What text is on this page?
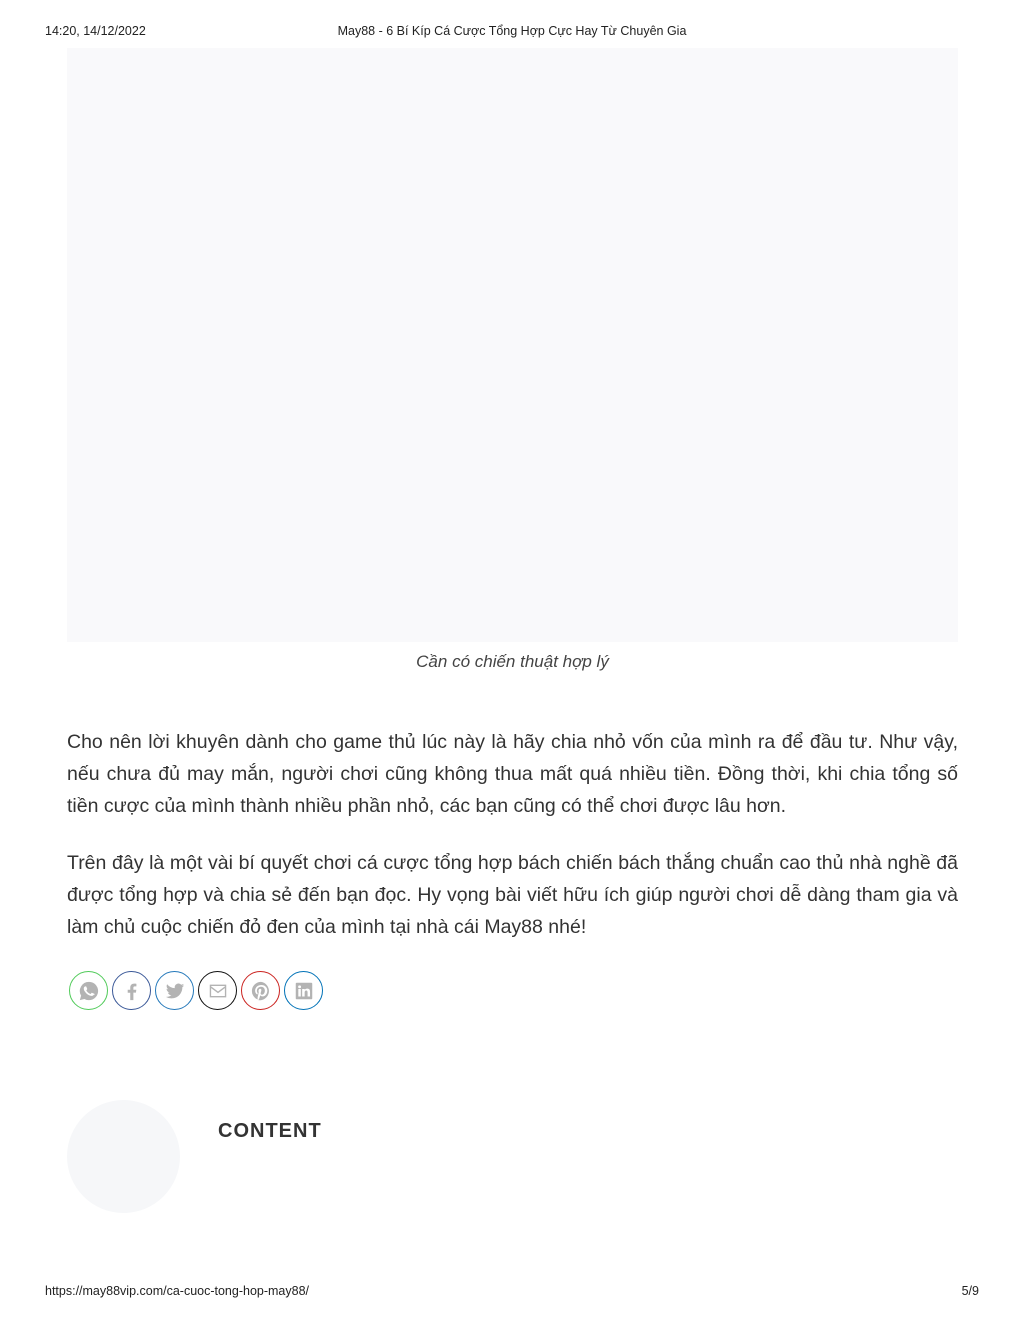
14:20, 14/12/2022	May88 - 6 Bí Kíp Cá Cược Tổng Hợp Cực Hay Từ Chuyên Gia
Cần có chiến thuật hợp lý

Cho nên lời khuyên dành cho game thủ lúc này là hãy chia nhỏ vốn của mình ra để đầu tư. Như vậy, nếu chưa đủ may mắn, người chơi cũng không thua mất quá nhiều tiền. Đồng thời, khi chia tổng số tiền cược của mình thành nhiều phần nhỏ, các bạn cũng có thể chơi được lâu hơn.

Trên đây là một vài bí quyết chơi cá cược tổng hợp bách chiến bách thắng chuẩn cao thủ nhà nghề đã được tổng hợp và chia sẻ đến bạn đọc. Hy vọng bài viết hữu ích giúp người chơi dễ dàng tham gia và làm chủ cuộc chiến đỏ đen của mình tại nhà cái May88 nhé!

CONTENT
https://may88vip.com/ca-cuoc-tong-hop-may88/	5/9
